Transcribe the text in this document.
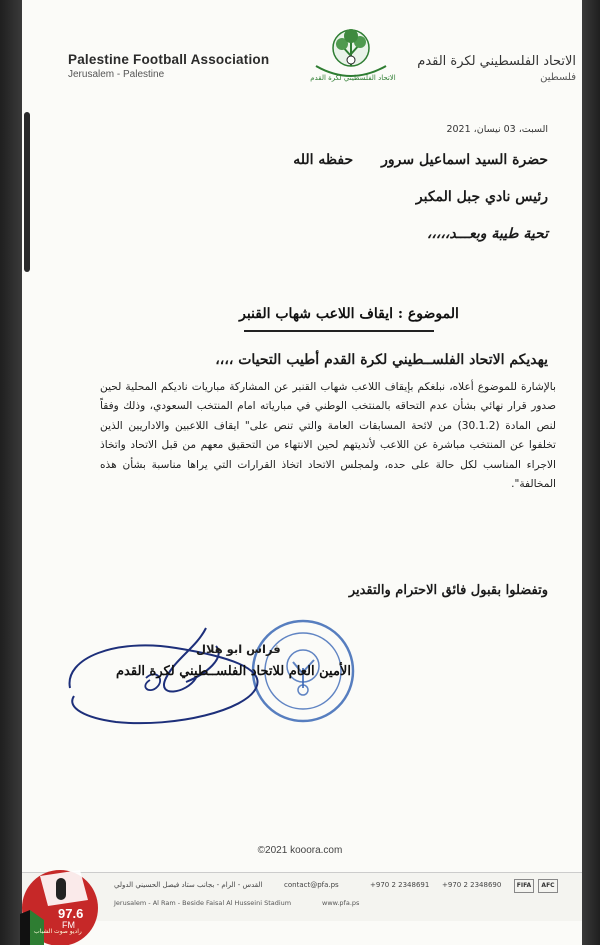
Palestine Football Association
Jerusalem - Palestine
الاتحاد الفلسطيني لكرة القدم
فلسطين
الاتحاد الفلسطيني لكرة القدم
السبت، 03 نيسان، 2021
حضرة السيد اسماعيل سرورحفظه الله
رئيس نادي جبل المكبر
تحية طيبة وبعـــد،،،،،
الموضوع : ايقاف اللاعب شهاب القنبر
يهديكم الاتحاد الفلســطيني لكرة القدم أطيب التحيات ،،،،
بالإشارة للموضوع أعلاه، نبلغكم بإيقاف اللاعب شهاب القنبر عن المشاركة مباريات ناديكم المحلية لحين صدور قرار نهائي بشأن عدم التحاقه بالمنتخب الوطني في مبارياته امام المنتخب السعودي، وذلك وفقاً لنص المادة (30.1.2) من لائحة المسابقات العامة والتي تنص على" ايقاف اللاعبين والاداريين الذين تخلفوا عن المنتخب مباشرة عن اللاعب لأنديتهم لحين الانتهاء من التحقيق معهم من قبل الاتحاد واتخاذ الاجراء المناسب لكل حالة على حده، ولمجلس الاتحاد اتخاذ القرارات التي يراها مناسبة بشأن هذه المخالفة".
وتفضلوا بقبول فائق الاحترام والتقدير
فراس ابو هلال
الأمين العام للاتحاد الفلســطيني لكرة القدم
©2021 kooora.com
القدس - الرام - بجانب ستاد فيصل الحسيني الدولي	contact@pfa.ps	+970 2 2348691 +970 2 2348690	FIFA	AFC
Jerusalem - Al Ram - Beside Faisal Al Husseini Stadium	www.pfa.ps
97.6
FM
راديو صوت الشباب
